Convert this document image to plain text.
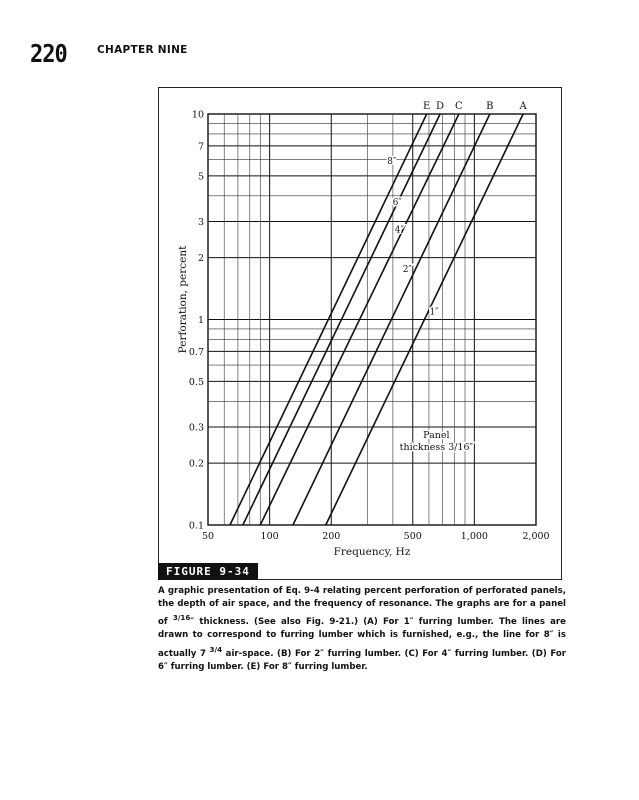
220	CHAPTER NINE
50	100	200	500	1,000	2,000
0.1
0.2
0.3
0.5
0.7
1
2
3
5
7
10
Frequency, Hz
Perforation, percent
A
B
C
D
E
8″
6″
4″
2″
1″
Panel
thickness 3/16″
FIGURE 9-34
A graphic presentation of Eq. 9-4 relating percent perforation of perforated panels, the depth of air space, and the frequency of resonance. The graphs are for a panel of $^{3/16}$″ thickness. (See also Fig. 9-21.) (A) For 1″ furring lumber. The lines are drawn to correspond to furring lumber which is furnished, e.g., the line for 8″ is actually 7 $^{3/4}$ air-space. (B) For 2″ furring lumber. (C) For 4″ furring lumber. (D) For 6″ furring lumber. (E) For 8″ furring lumber.
